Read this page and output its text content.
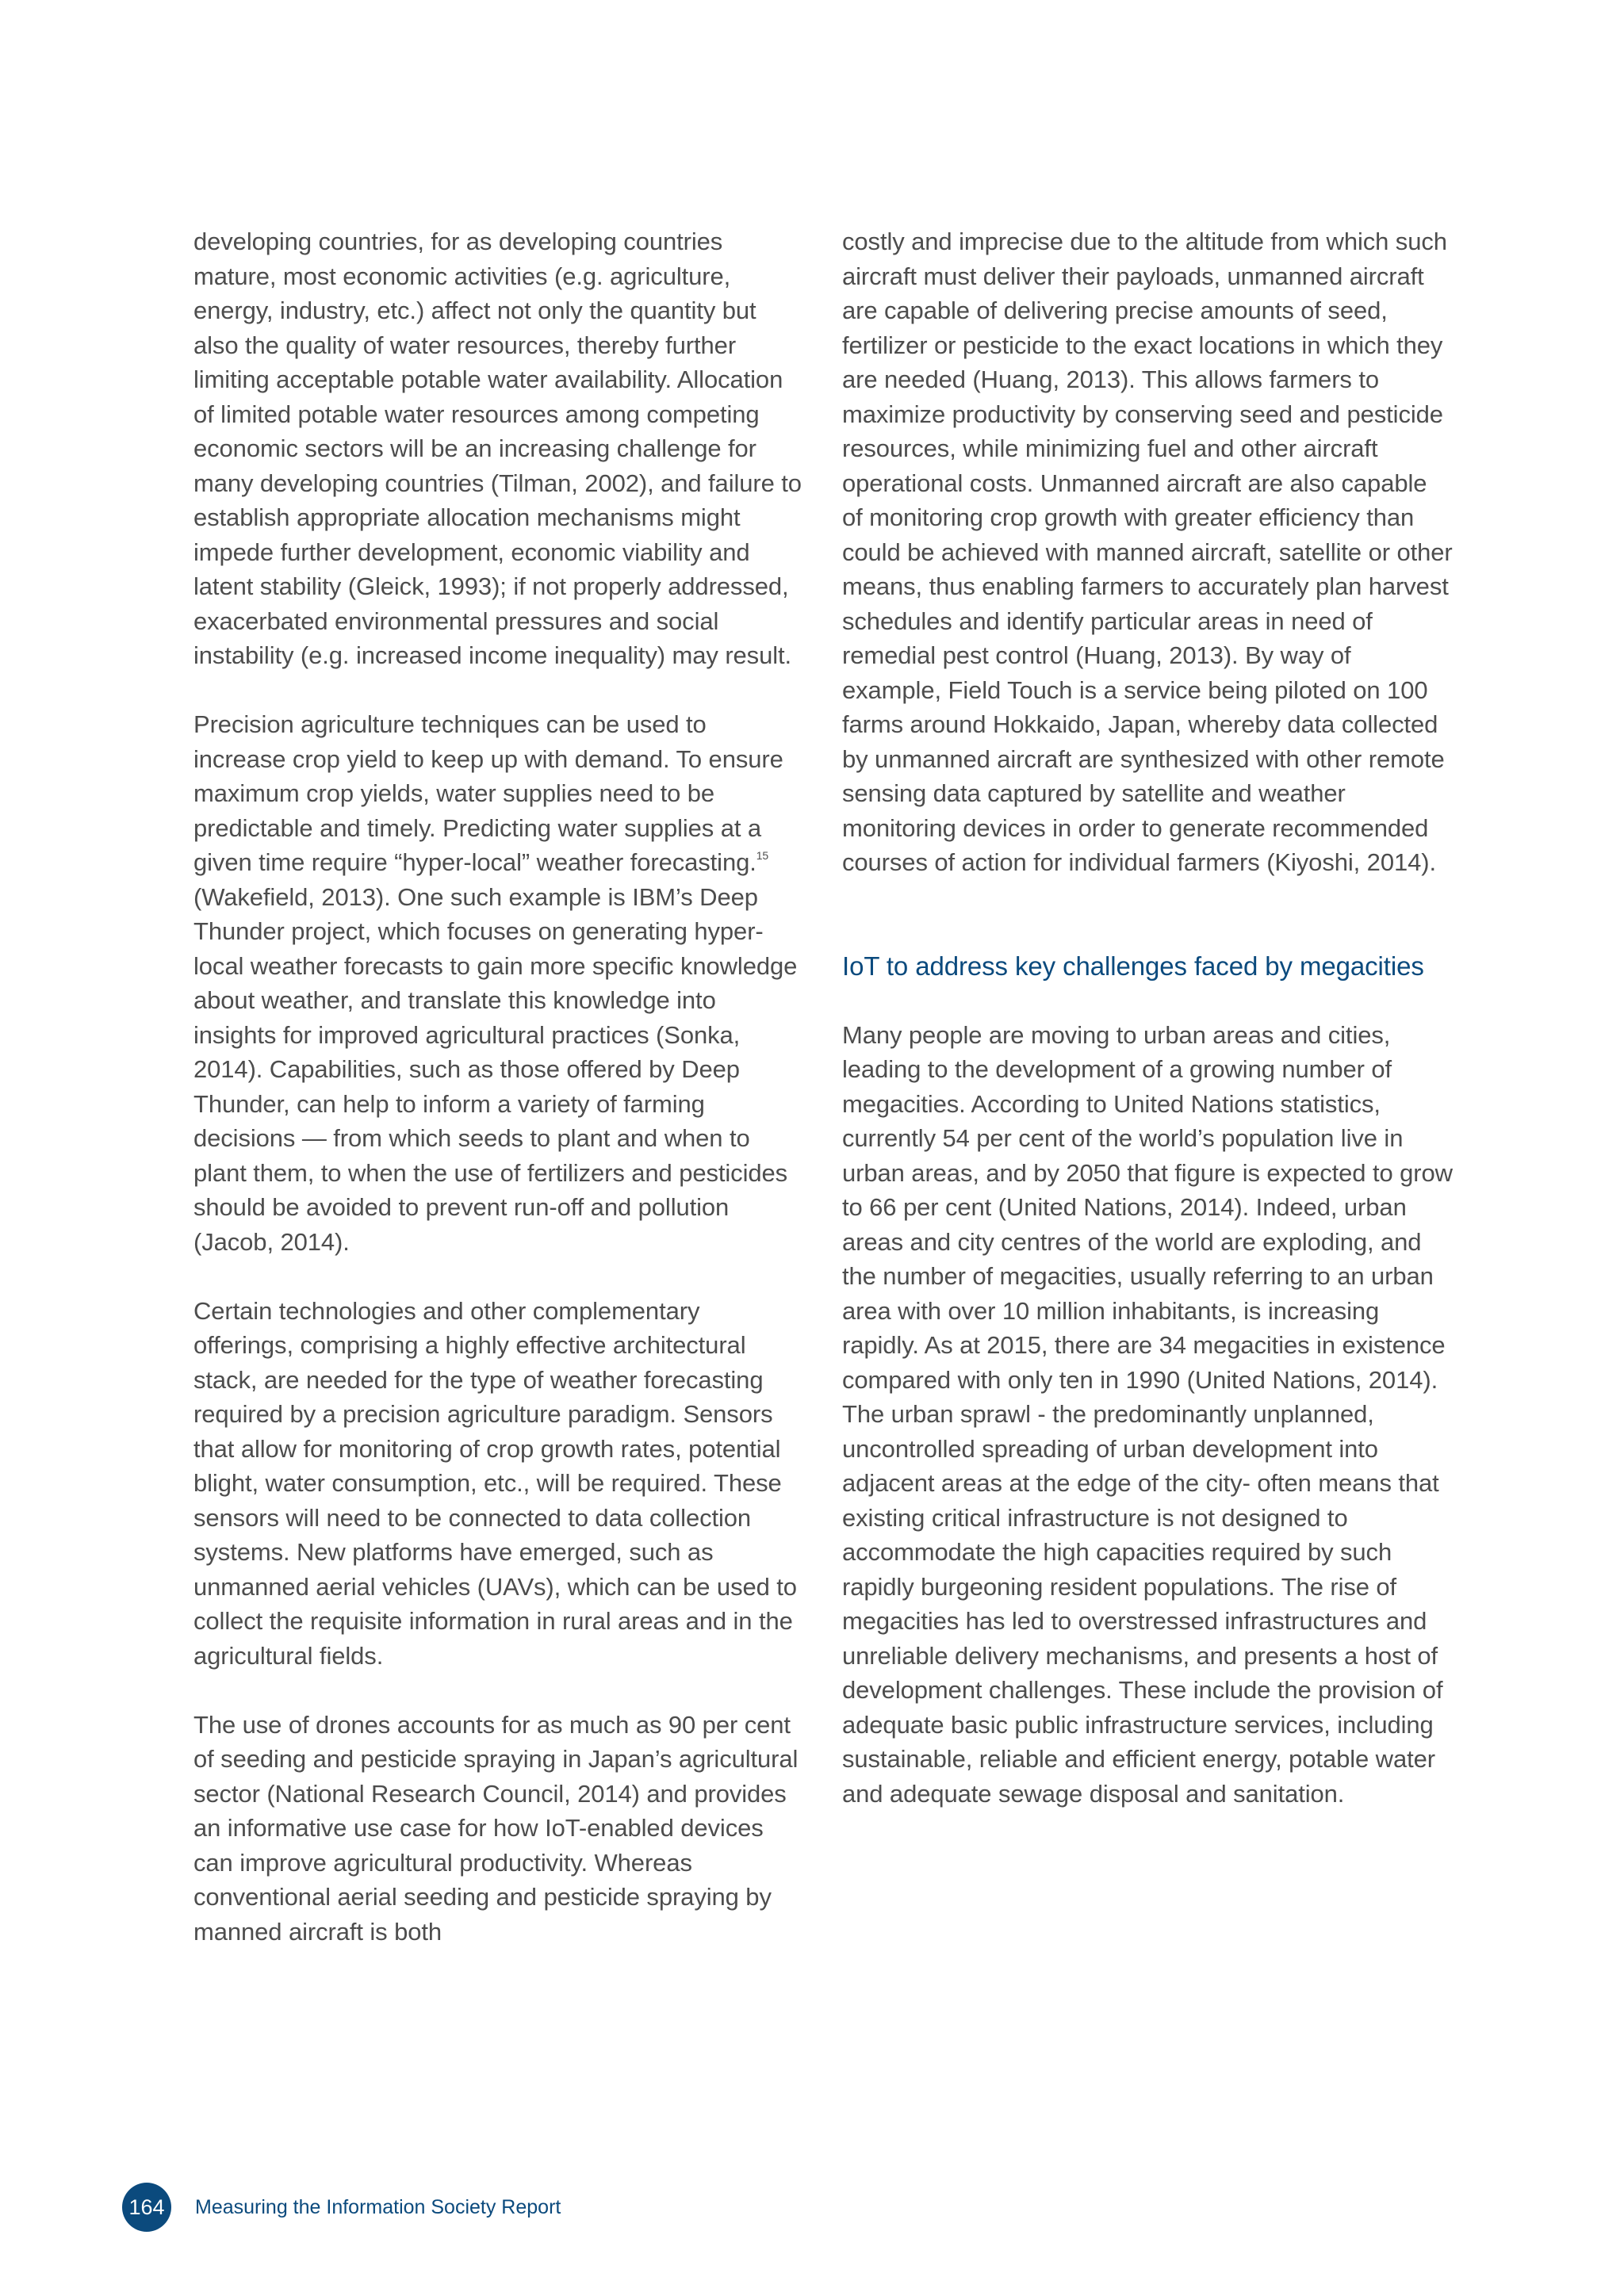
developing countries, for as developing countries mature, most economic activities (e.g. agriculture, energy, industry, etc.) affect not only the quantity but also the quality of water resources, thereby further limiting acceptable potable water availability. Allocation of limited potable water resources among competing economic sectors will be an increasing challenge for many developing countries (Tilman, 2002), and failure to establish appropriate allocation mechanisms might impede further development, economic viability and latent stability (Gleick, 1993); if not properly addressed, exacerbated environmental pressures and social instability (e.g. increased income inequality) may result.

Precision agriculture techniques can be used to increase crop yield to keep up with demand. To ensure maximum crop yields, water supplies need to be predictable and timely. Predicting water supplies at a given time require “hyper-local” weather forecasting.$^{15}$ (Wakefield, 2013). One such example is IBM’s Deep Thunder project, which focuses on generating hyper-local weather forecasts to gain more specific knowledge about weather, and translate this knowledge into insights for improved agricultural practices (Sonka, 2014). Capabilities, such as those offered by Deep Thunder, can help to inform a variety of farming decisions — from which seeds to plant and when to plant them, to when the use of fertilizers and pesticides should be avoided to prevent run-off and pollution (Jacob, 2014).

Certain technologies and other complementary offerings, comprising a highly effective architectural stack, are needed for the type of weather forecasting required by a precision agriculture paradigm. Sensors that allow for monitoring of crop growth rates, potential blight, water consumption, etc., will be required. These sensors will need to be connected to data collection systems. New platforms have emerged, such as unmanned aerial vehicles (UAVs), which can be used to collect the requisite information in rural areas and in the agricultural fields.

The use of drones accounts for as much as 90 per cent of seeding and pesticide spraying in Japan’s agricultural sector (National Research Council, 2014) and provides an informative use case for how IoT-enabled devices can improve agricultural productivity. Whereas conventional aerial seeding and pesticide spraying by manned aircraft is both

costly and imprecise due to the altitude from which such aircraft must deliver their payloads, unmanned aircraft are capable of delivering precise amounts of seed, fertilizer or pesticide to the exact locations in which they are needed (Huang, 2013). This allows farmers to maximize productivity by conserving seed and pesticide resources, while minimizing fuel and other aircraft operational costs. Unmanned aircraft are also capable of monitoring crop growth with greater efficiency than could be achieved with manned aircraft, satellite or other means, thus enabling farmers to accurately plan harvest schedules and identify particular areas in need of remedial pest control (Huang, 2013). By way of example, Field Touch is a service being piloted on 100 farms around Hokkaido, Japan, whereby data collected by unmanned aircraft are synthesized with other remote sensing data captured by satellite and weather monitoring devices in order to generate recommended courses of action for individual farmers (Kiyoshi, 2014).

IoT to address key challenges faced by megacities

Many people are moving to urban areas and cities, leading to the development of a growing number of megacities. According to United Nations statistics, currently 54 per cent of the world’s population live in urban areas, and by 2050 that figure is expected to grow to 66 per cent (United Nations, 2014). Indeed, urban areas and city centres of the world are exploding, and the number of megacities, usually referring to an urban area with over 10 million inhabitants, is increasing rapidly. As at 2015, there are 34 megacities in existence compared with only ten in 1990 (United Nations, 2014). The urban sprawl - the predominantly unplanned, uncontrolled spreading of urban development into adjacent areas at the edge of the city- often means that existing critical infrastructure is not designed to accommodate the high capacities required by such rapidly burgeoning resident populations. The rise of megacities has led to overstressed infrastructures and unreliable delivery mechanisms, and presents a host of development challenges. These include the provision of adequate basic public infrastructure services, including sustainable, reliable and efficient energy, potable water and adequate sewage disposal and sanitation.

164	Measuring the Information Society Report
